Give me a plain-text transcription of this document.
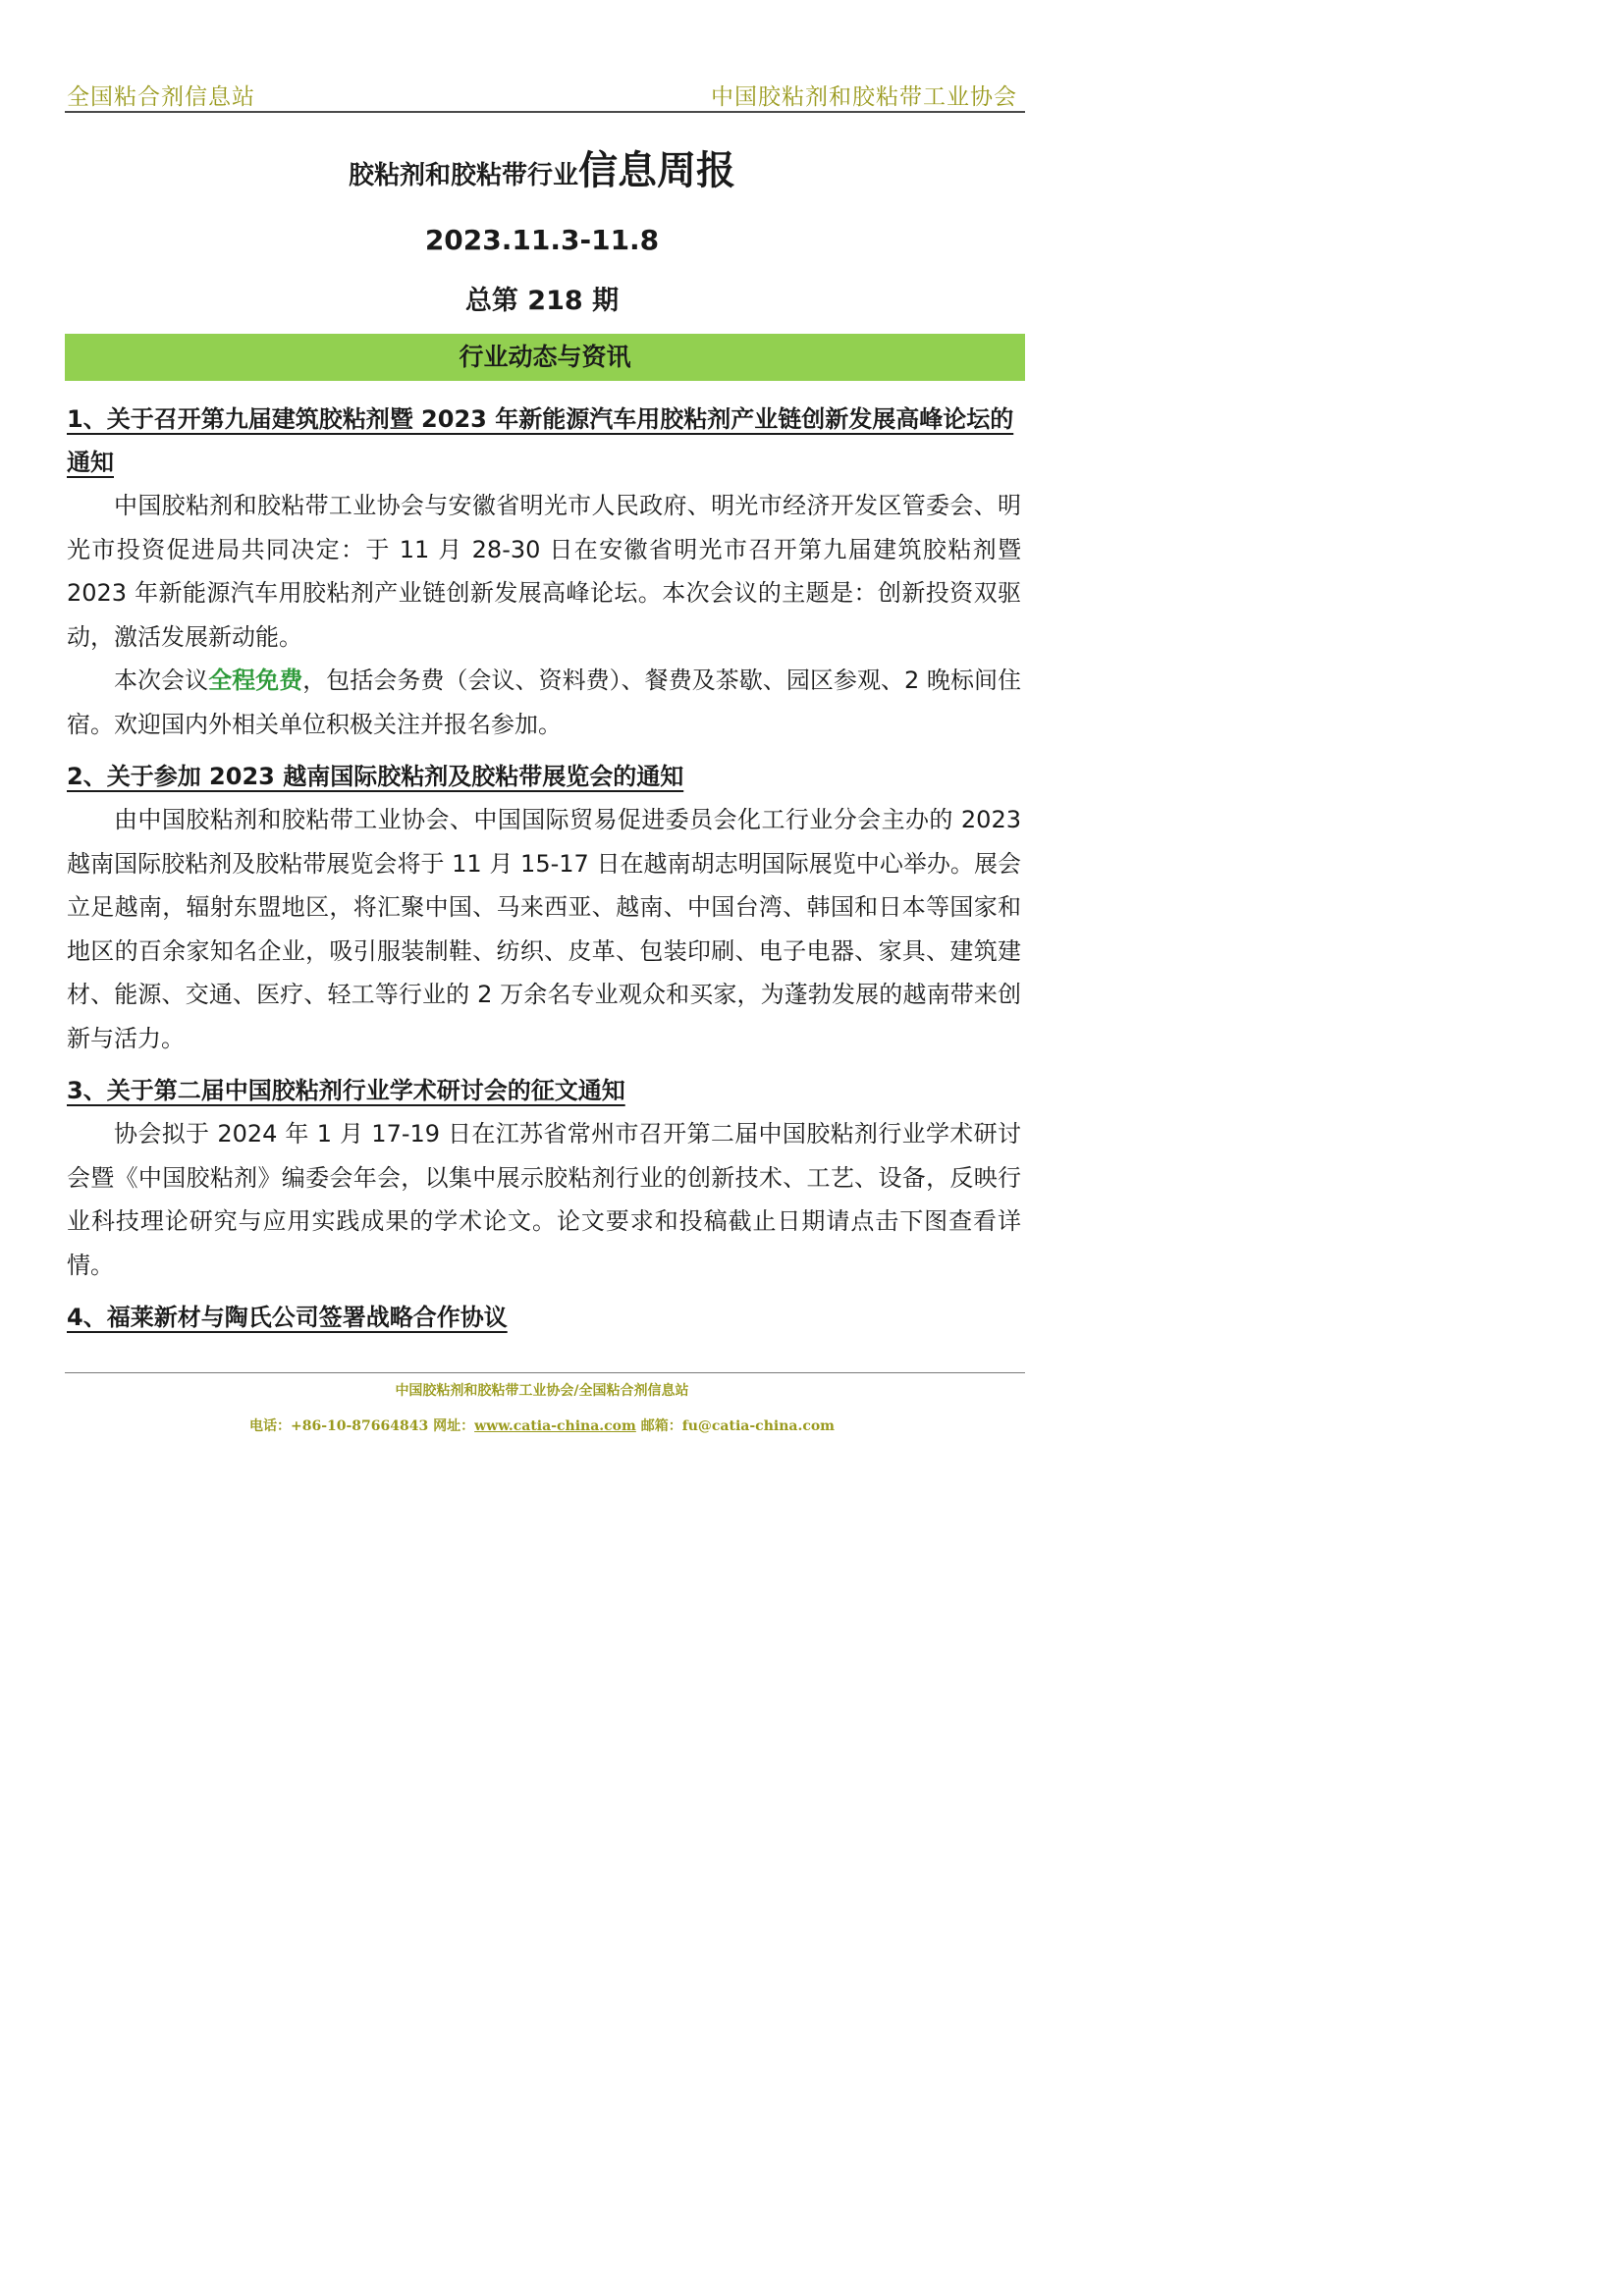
全国粘合剂信息站	中国胶粘剂和胶粘带工业协会
胶粘剂和胶粘带行业信息周报
2023.11.3-11.8
总第 218 期
行业动态与资讯

1、关于召开第九届建筑胶粘剂暨 2023 年新能源汽车用胶粘剂产业链创新发展高峰论坛的通知

中国胶粘剂和胶粘带工业协会与安徽省明光市人民政府、明光市经济开发区管委会、明光市投资促进局共同决定：于 11 月 28-30 日在安徽省明光市召开第九届建筑胶粘剂暨 2023 年新能源汽车用胶粘剂产业链创新发展高峰论坛。本次会议的主题是：创新投资双驱动，激活发展新动能。

本次会议全程免费，包括会务费（会议、资料费）、餐费及茶歇、园区参观、2 晚标间住宿。欢迎国内外相关单位积极关注并报名参加。

2、关于参加 2023 越南国际胶粘剂及胶粘带展览会的通知

由中国胶粘剂和胶粘带工业协会、中国国际贸易促进委员会化工行业分会主办的 2023 越南国际胶粘剂及胶粘带展览会将于 11 月 15-17 日在越南胡志明国际展览中心举办。展会立足越南，辐射东盟地区，将汇聚中国、马来西亚、越南、中国台湾、韩国和日本等国家和地区的百余家知名企业，吸引服装制鞋、纺织、皮革、包装印刷、电子电器、家具、建筑建材、能源、交通、医疗、轻工等行业的 2 万余名专业观众和买家，为蓬勃发展的越南带来创新与活力。

3、关于第二届中国胶粘剂行业学术研讨会的征文通知

协会拟于 2024 年 1 月 17-19 日在江苏省常州市召开第二届中国胶粘剂行业学术研讨会暨《中国胶粘剂》编委会年会，以集中展示胶粘剂行业的创新技术、工艺、设备，反映行业科技理论研究与应用实践成果的学术论文。论文要求和投稿截止日期请点击下图查看详情。

4、福莱新材与陶氏公司签署战略合作协议

中国胶粘剂和胶粘带工业协会/全国粘合剂信息站
电话：+86-10-87664843 网址：www.catia-china.com 邮箱：fu@catia-china.com
